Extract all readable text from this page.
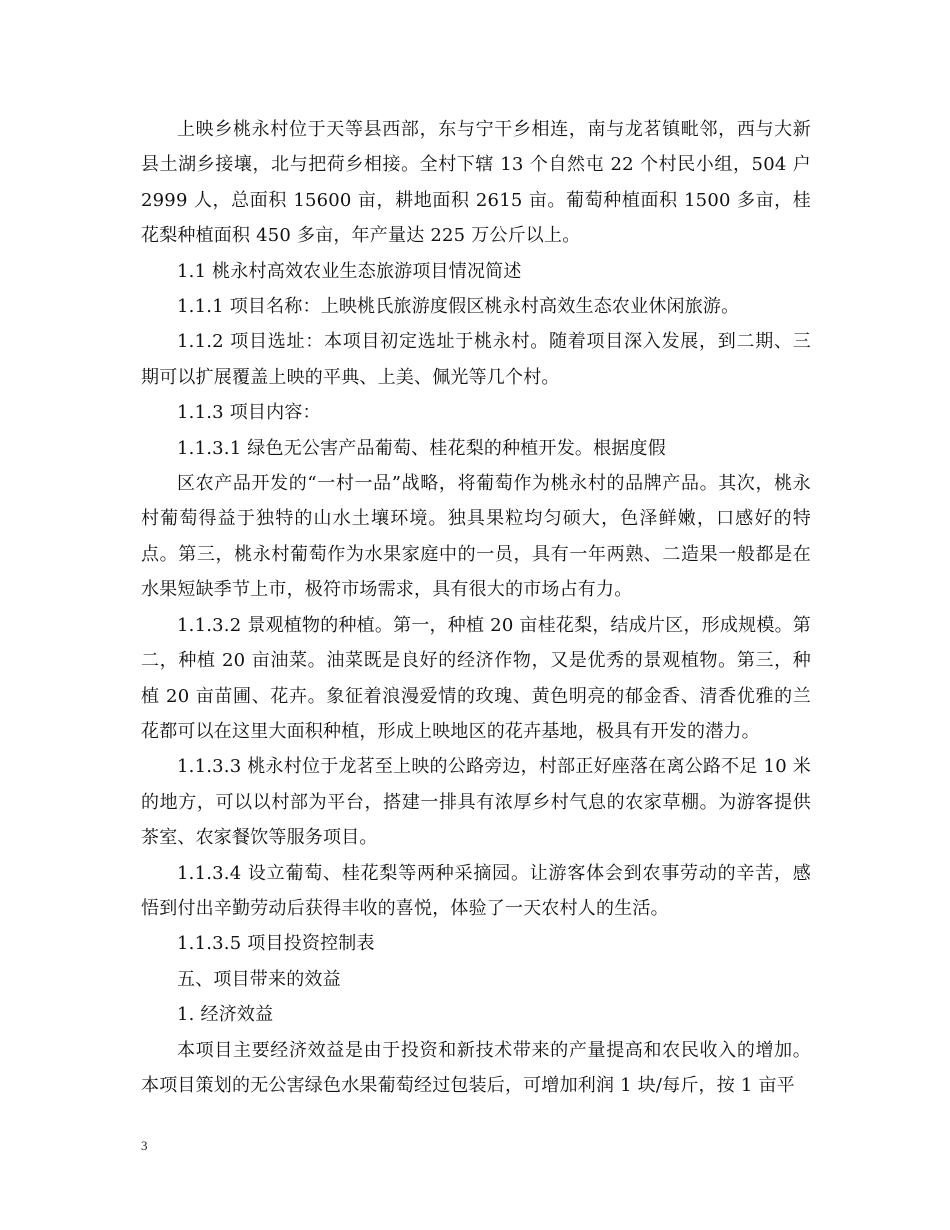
上映乡桃永村位于天等县西部，东与宁干乡相连，南与龙茗镇毗邻，西与大新县土湖乡接壤，北与把荷乡相接。全村下辖 13 个自然屯 22 个村民小组，504 户 2999 人，总面积 15600 亩，耕地面积 2615 亩。葡萄种植面积 1500 多亩，桂花梨种植面积 450 多亩，年产量达 225 万公斤以上。

1.1 桃永村高效农业生态旅游项目情况简述

1.1.1 项目名称：上映桃氏旅游度假区桃永村高效生态农业休闲旅游。

1.1.2 项目选址：本项目初定选址于桃永村。随着项目深入发展，到二期、三期可以扩展覆盖上映的平典、上美、佩光等几个村。

1.1.3 项目内容：

1.1.3.1 绿色无公害产品葡萄、桂花梨的种植开发。根据度假

区农产品开发的“一村一品”战略，将葡萄作为桃永村的品牌产品。其次，桃永村葡萄得益于独特的山水土壤环境。独具果粒均匀硕大，色泽鲜嫩，口感好的特点。第三，桃永村葡萄作为水果家庭中的一员，具有一年两熟、二造果一般都是在水果短缺季节上市，极符市场需求，具有很大的市场占有力。

1.1.3.2 景观植物的种植。第一，种植 20 亩桂花梨，结成片区，形成规模。第二，种植 20 亩油菜。油菜既是良好的经济作物，又是优秀的景观植物。第三，种植 20 亩苗圃、花卉。象征着浪漫爱情的玫瑰、黄色明亮的郁金香、清香优雅的兰花都可以在这里大面积种植，形成上映地区的花卉基地，极具有开发的潜力。

1.1.3.3 桃永村位于龙茗至上映的公路旁边，村部正好座落在离公路不足 10 米的地方，可以以村部为平台，搭建一排具有浓厚乡村气息的农家草棚。为游客提供茶室、农家餐饮等服务项目。

1.1.3.4 设立葡萄、桂花梨等两种采摘园。让游客体会到农事劳动的辛苦，感悟到付出辛勤劳动后获得丰收的喜悦，体验了一天农村人的生活。

1.1.3.5 项目投资控制表

五、项目带来的效益

1. 经济效益

本项目主要经济效益是由于投资和新技术带来的产量提高和农民收入的增加。本项目策划的无公害绿色水果葡萄经过包装后，可增加利润 1 块/每斤，按 1 亩平

3
